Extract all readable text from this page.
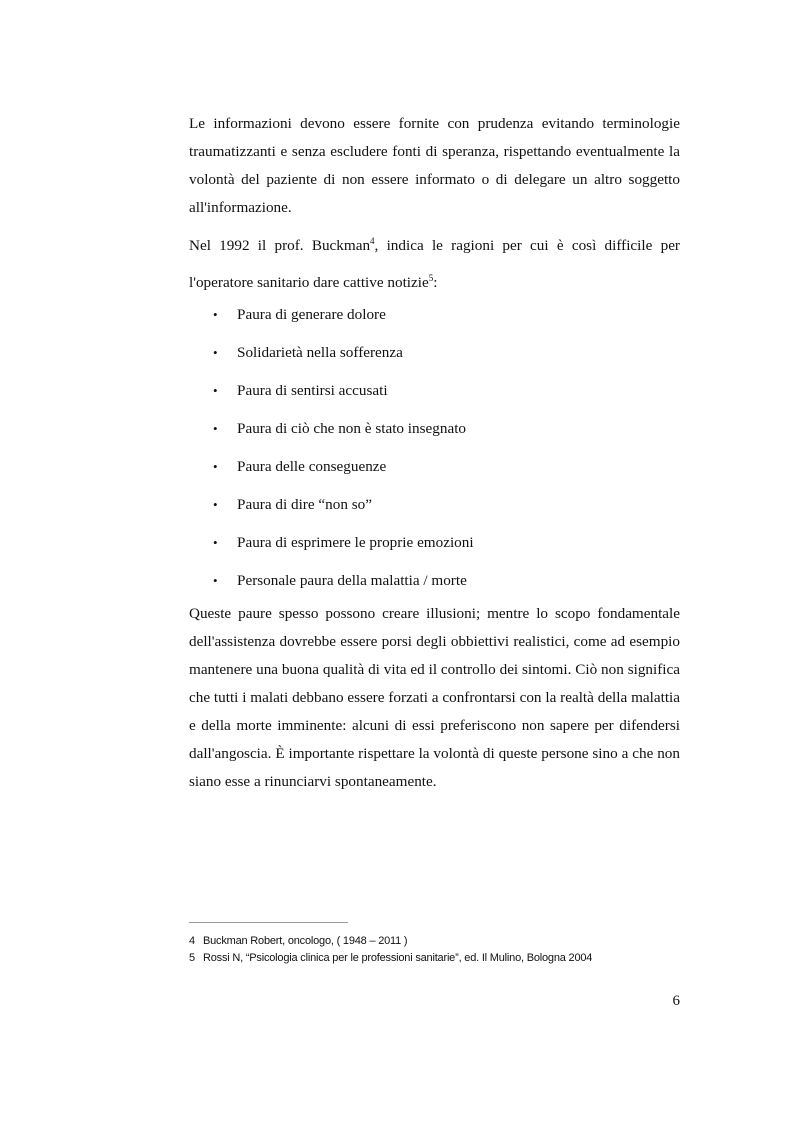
Le informazioni devono essere fornite con prudenza evitando terminologie traumatizzanti e senza escludere fonti di speranza, rispettando eventualmente la volontà del paziente di non essere informato o di delegare un altro soggetto all'informazione.

Nel 1992 il prof. Buckman$^4$, indica le ragioni per cui è così difficile per l'operatore sanitario dare cattive notizie$^5$:

• Paura di generare dolore
• Solidarietà nella sofferenza
• Paura di sentirsi accusati
• Paura di ciò che non è stato insegnato
• Paura delle conseguenze
• Paura di dire “non so”
• Paura di esprimere le proprie emozioni
• Personale paura della malattia / morte

Queste paure spesso possono creare illusioni; mentre lo scopo fondamentale dell'assistenza dovrebbe essere porsi degli obbiettivi realistici, come ad esempio mantenere una buona qualità di vita ed il controllo dei sintomi. Ciò non significa che tutti i malati debbano essere forzati a confrontarsi con la realtà della malattia e della morte imminente: alcuni di essi preferiscono non sapere per difendersi dall'angoscia. È importante rispettare la volontà di queste persone sino a che non siano esse a rinunciarvi spontaneamente.

4 Buckman Robert, oncologo, ( 1948 – 2011 )
5 Rossi N, “Psicologia clinica per le professioni sanitarie”, ed. Il Mulino, Bologna 2004
6
